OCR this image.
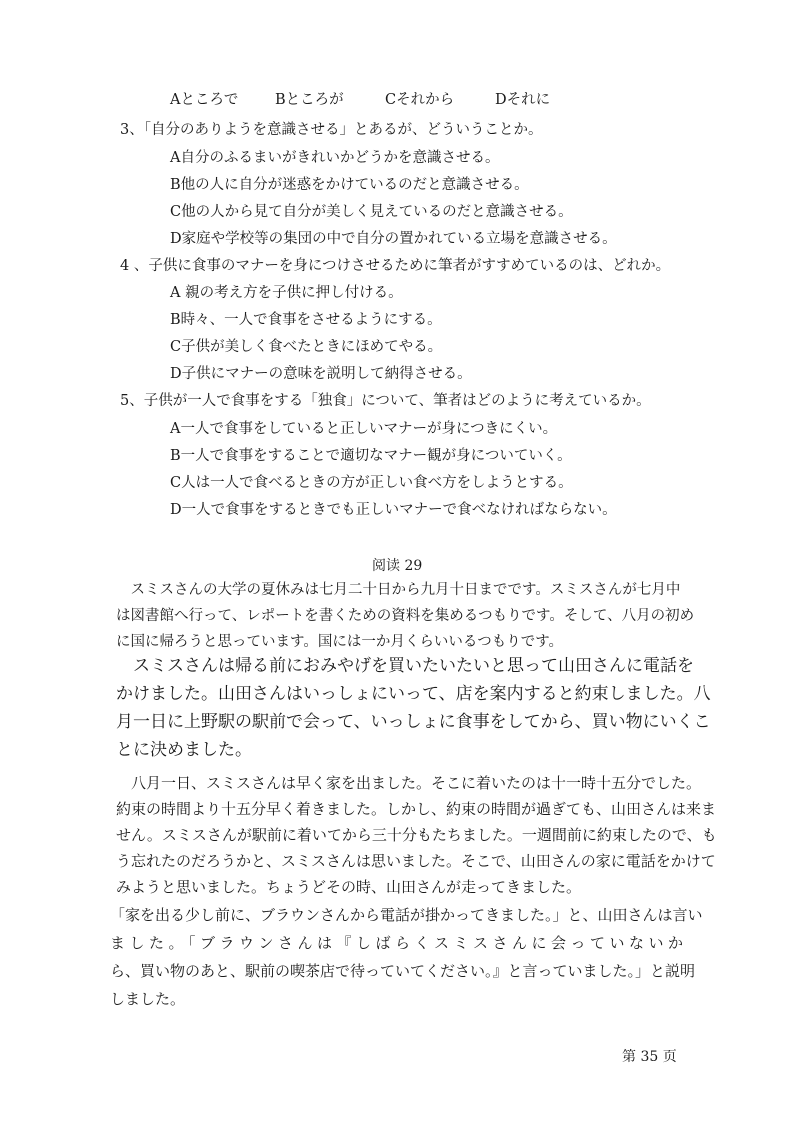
Aところで	Bところが	Cそれから	Dそれに
3、「自分のありようを意識させる」とあるが、どういうことか。
A自分のふるまいがきれいかどうかを意識させる。
B他の人に自分が迷惑をかけているのだと意識させる。
C他の人から見て自分が美しく見えているのだと意識させる。
D家庭や学校等の集団の中で自分の置かれている立場を意識させる。
4 、子供に食事のマナーを身につけさせるために筆者がすすめているのは、どれか。
A 親の考え方を子供に押し付ける。
B時々、一人で食事をさせるようにする。
C子供が美しく食べたときにほめてやる。
D子供にマナーの意味を説明して納得させる。
5、子供が一人で食事をする「独食」について、筆者はどのように考えているか。
A一人で食事をしていると正しいマナーが身につきにくい。
B一人で食事をすることで適切なマナー観が身についていく。
C人は一人で食べるときの方が正しい食べ方をしようとする。
D一人で食事をするときでも正しいマナーで食べなければならない。
阅读 29
　スミスさんの大学の夏休みは七月二十日から九月十日までです。スミスさんが七月中
は図書館へ行って、レポートを書くための資料を集めるつもりです。そして、八月の初め
に国に帰ろうと思っています。国には一か月くらいいるつもりです。
　スミスさんは帰る前におみやげを買いたいたいと思って山田さんに電話を
かけました。山田さんはいっしょにいって、店を案内すると約束しました。八
月一日に上野駅の駅前で会って、いっしょに食事をしてから、買い物にいくこ
とに決めました。
　八月一日、スミスさんは早く家を出ました。そこに着いたのは十一時十五分でした。
約束の時間より十五分早く着きました。しかし、約束の時間が過ぎても、山田さんは来ま
せん。スミスさんが駅前に着いてから三十分もたちました。一週間前に約束したので、も
う忘れたのだろうかと、スミスさんは思いました。そこで、山田さんの家に電話をかけて
みようと思いました。ちょうどその時、山田さんが走ってきました。
「家を出る少し前に、ブラウンさんから電話が掛かってきました。」と、山田さんは言い
ました。「ブラウンさんは『しばらくスミスさんに会っていないか
ら、買い物のあと、駅前の喫茶店で待っていてください。』と言っていました。」と説明
しました。
第 35 页
